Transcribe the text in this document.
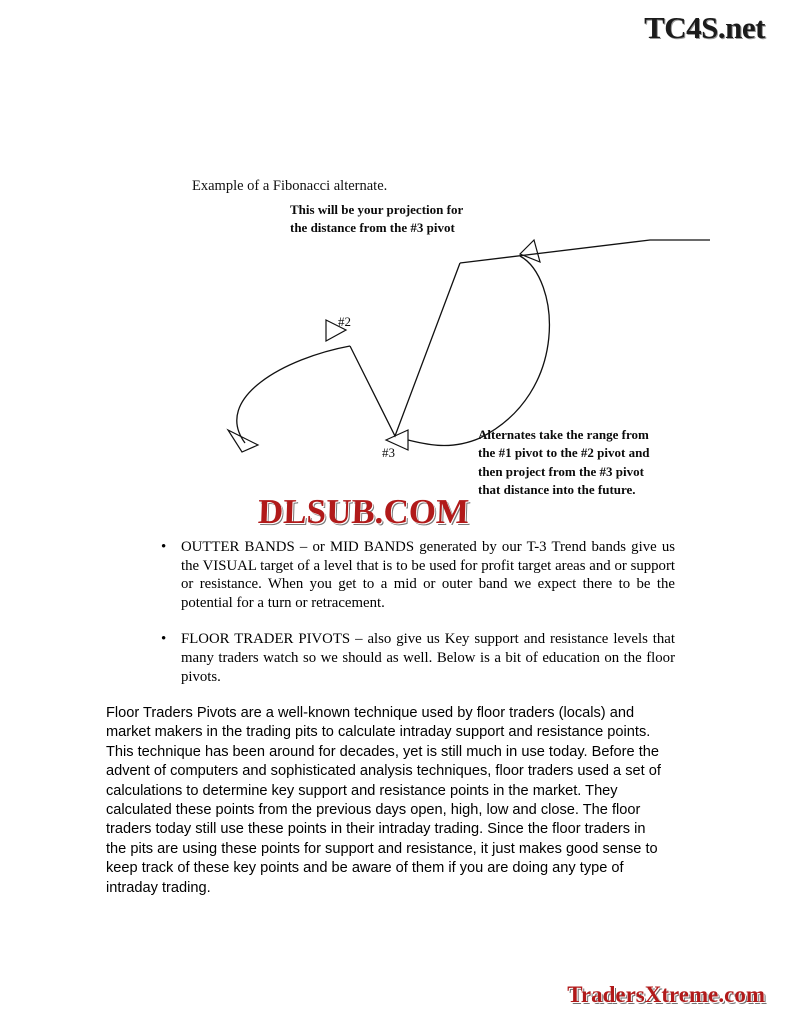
TC4S.net
Example of a Fibonacci alternate.
This will be your projection for
the distance from the #3 pivot
Alternates take the range from the #1 pivot to the #2 pivot and then project from the #3 pivot that distance into the future.
#2
#3
DLSUB.COM
• OUTTER BANDS – or MID BANDS generated by our T-3 Trend bands give us the VISUAL target of a level that is to be used for profit target areas and or support or resistance. When you get to a mid or outer band we expect there to be the potential for a turn or retracement.
• FLOOR TRADER PIVOTS – also give us Key support and resistance levels that many traders watch so we should as well. Below is a bit of education on the floor pivots.
Floor Traders Pivots are a well-known technique used by floor traders (locals) and market makers in the trading pits to calculate intraday support and resistance points. This technique has been around for decades, yet is still much in use today. Before the advent of computers and sophisticated analysis techniques, floor traders used a set of calculations to determine key support and resistance points in the market. They calculated these points from the previous days open, high, low and close. The floor traders today still use these points in their intraday trading. Since the floor traders in the pits are using these points for support and resistance, it just makes good sense to keep track of these key points and be aware of them if you are doing any type of intraday trading.
TradersXtreme.com
